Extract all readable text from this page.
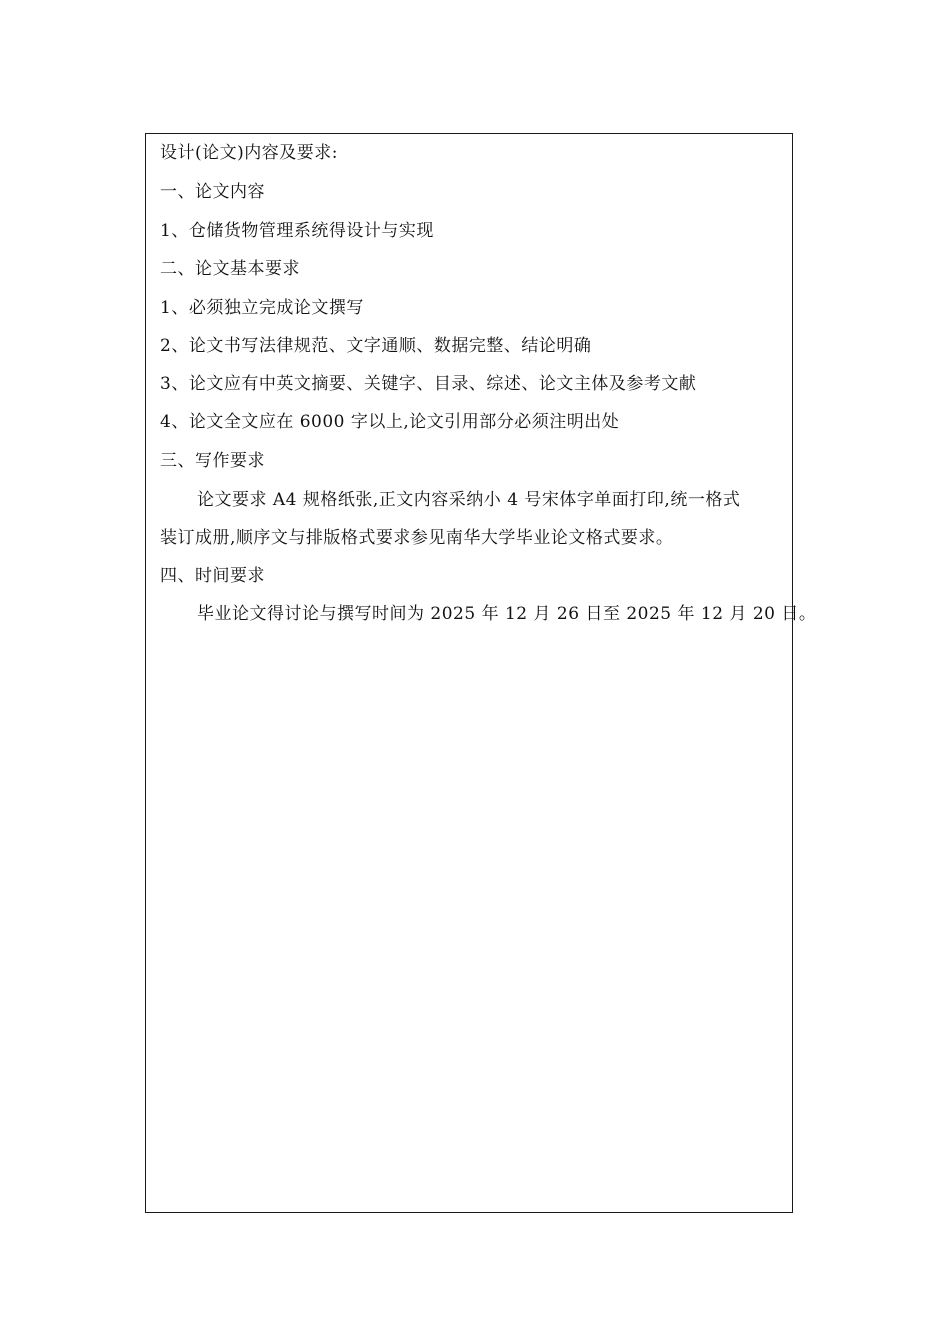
设计(论文)内容及要求:
一、论文内容
1、仓储货物管理系统得设计与实现
二、论文基本要求
1、必须独立完成论文撰写
2、论文书写法律规范、文字通顺、数据完整、结论明确
3、论文应有中英文摘要、关键字、目录、综述、论文主体及参考文献
4、论文全文应在 6000 字以上,论文引用部分必须注明出处
三、写作要求
论文要求 A4 规格纸张,正文内容采纳小 4 号宋体字单面打印,统一格式
装订成册,顺序文与排版格式要求参见南华大学毕业论文格式要求。
四、时间要求
毕业论文得讨论与撰写时间为 2025 年 12 月 26 日至 2025 年 12 月 20 日。
